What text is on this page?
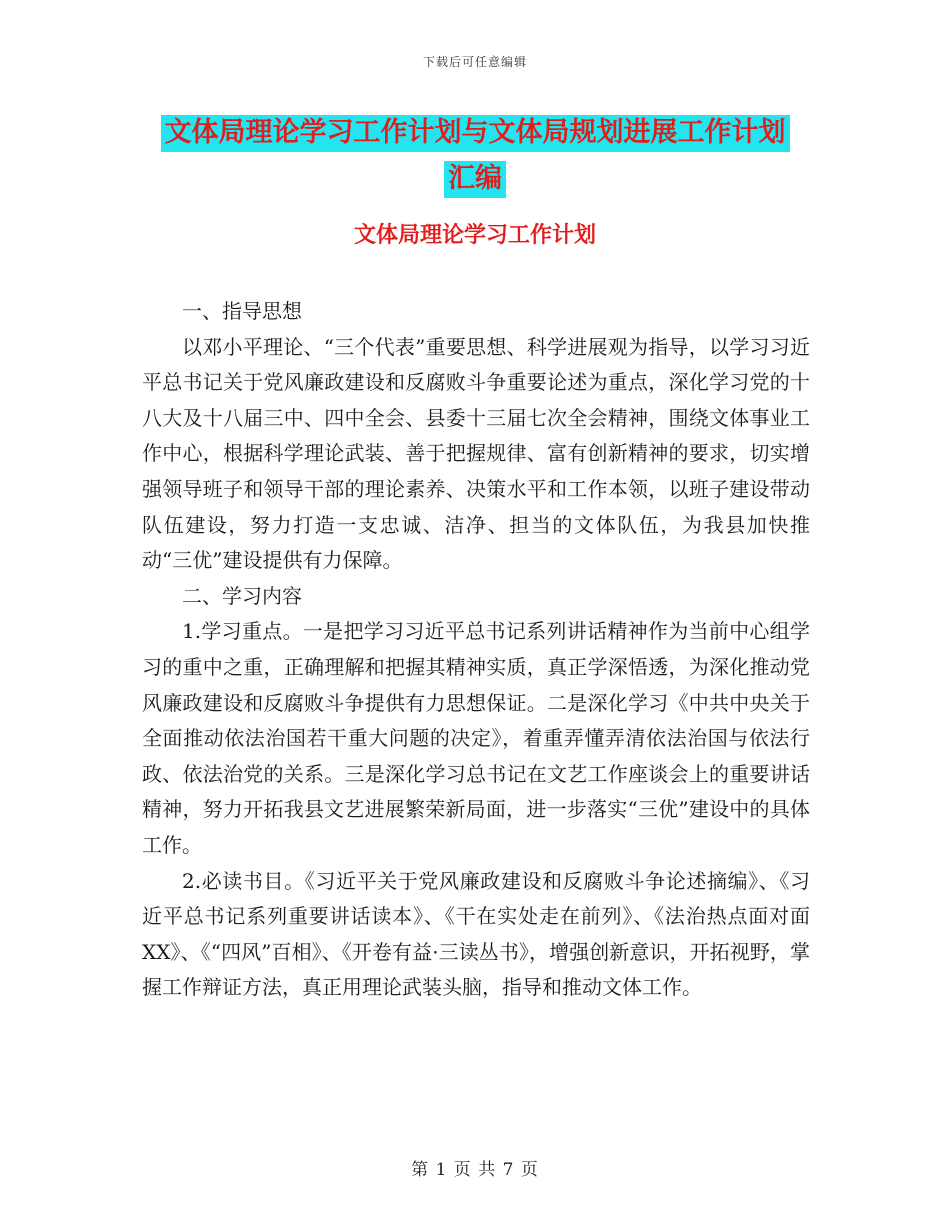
下载后可任意编辑
文体局理论学习工作计划与文体局规划进展工作计划
汇编
文体局理论学习工作计划

一、指导思想

以邓小平理论、“三个代表”重要思想、科学进展观为指导，以学习习近平总书记关于党风廉政建设和反腐败斗争重要论述为重点，深化学习党的十八大及十八届三中、四中全会、县委十三届七次全会精神，围绕文体事业工作中心，根据科学理论武装、善于把握规律、富有创新精神的要求，切实增强领导班子和领导干部的理论素养、决策水平和工作本领，以班子建设带动队伍建设，努力打造一支忠诚、洁净、担当的文体队伍，为我县加快推动“三优”建设提供有力保障。

二、学习内容

1.学习重点。一是把学习习近平总书记系列讲话精神作为当前中心组学习的重中之重，正确理解和把握其精神实质，真正学深悟透，为深化推动党风廉政建设和反腐败斗争提供有力思想保证。二是深化学习《中共中央关于全面推动依法治国若干重大问题的决定》，着重弄懂弄清依法治国与依法行政、依法治党的关系。三是深化学习总书记在文艺工作座谈会上的重要讲话精神，努力开拓我县文艺进展繁荣新局面，进一步落实“三优”建设中的具体工作。

2.必读书目。《习近平关于党风廉政建设和反腐败斗争论述摘编》、《习近平总书记系列重要讲话读本》、《干在实处走在前列》、《法治热点面对面XX》、《“四风”百相》、《开卷有益·三读丛书》，增强创新意识，开拓视野，掌握工作辩证方法，真正用理论武装头脑，指导和推动文体工作。

第 1 页 共 7 页
